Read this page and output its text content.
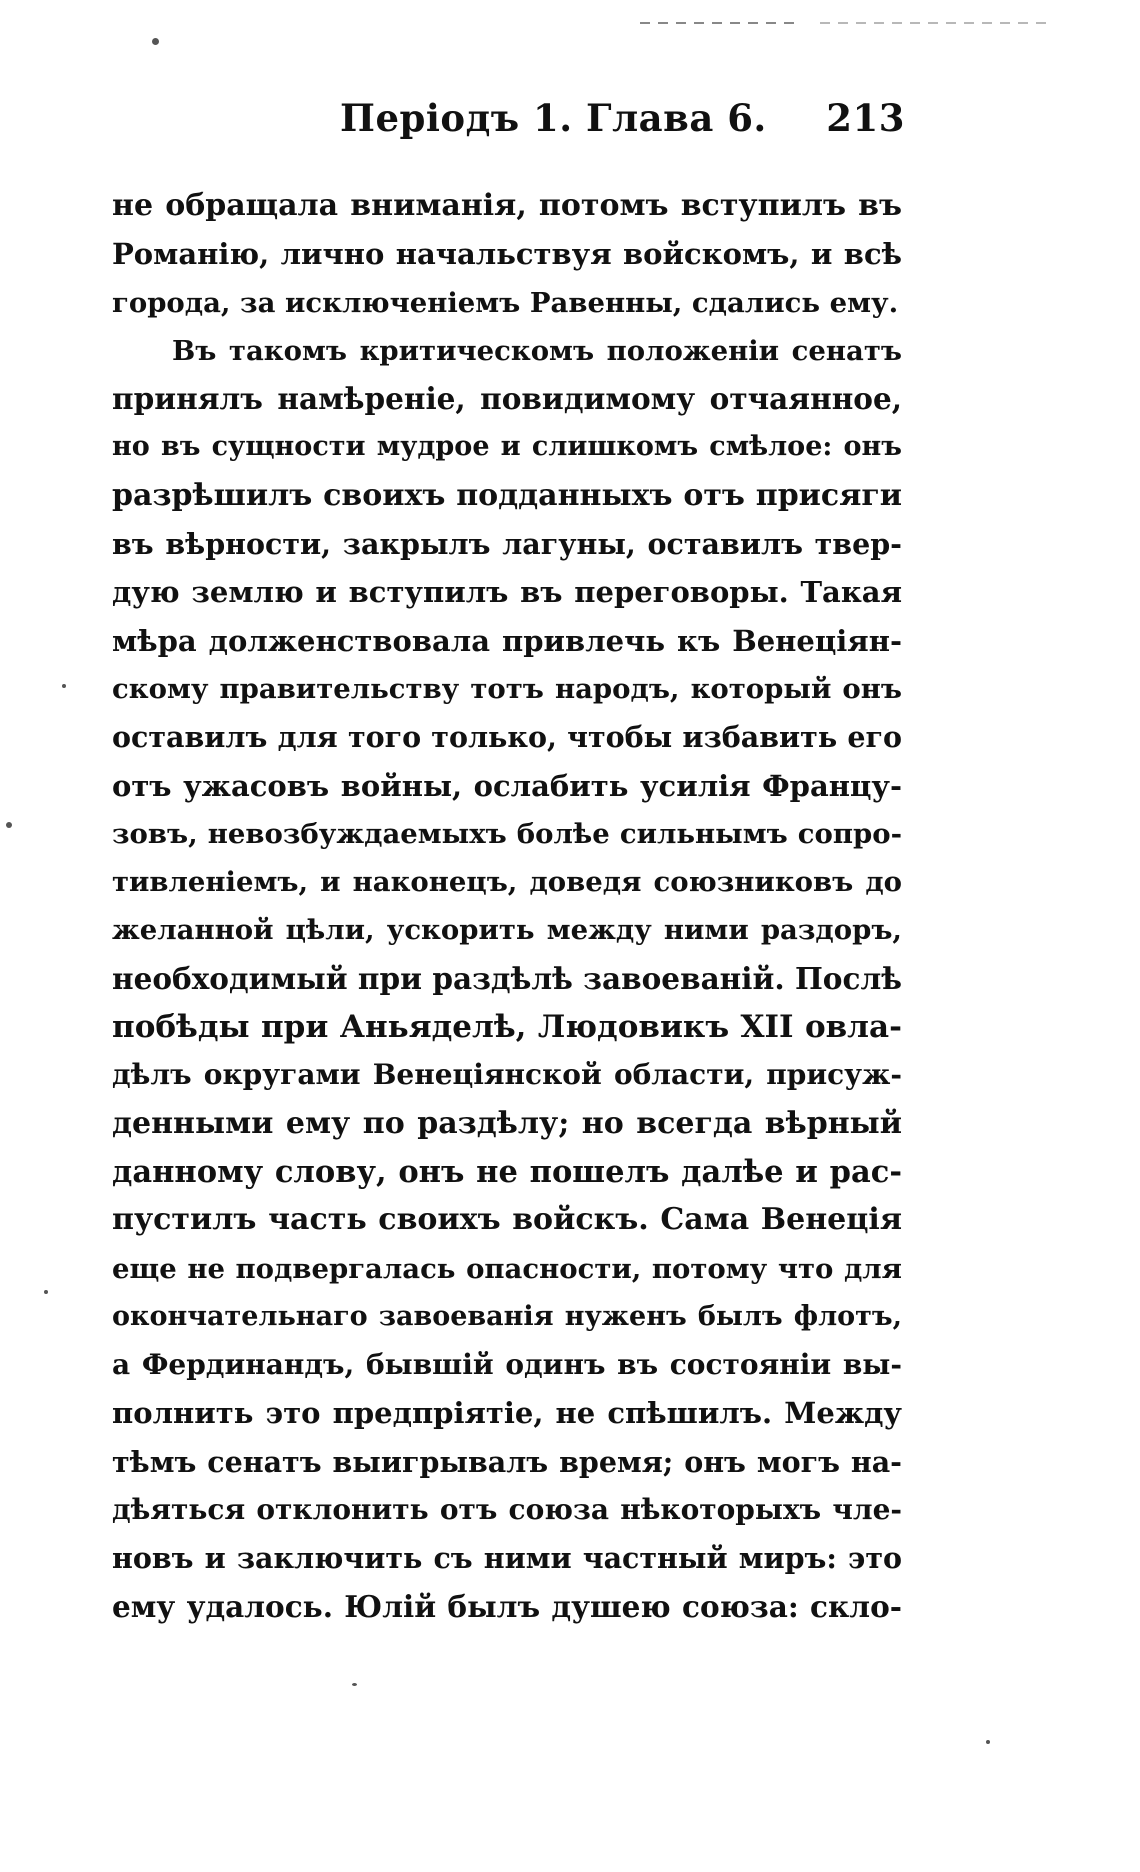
Періодъ 1. Глава 6. 213
не обращала вниманія, потомъ вступилъ въ
Романію, лично начальствуя войскомъ, и всѣ
города, за исключеніемъ Равенны, сдались ему.
Въ такомъ критическомъ положеніи сенатъ
принялъ намѣреніе, повидимому отчаянное,
но въ сущности мудрое и слишкомъ смѣлое: онъ
разрѣшилъ своихъ подданныхъ отъ присяги
въ вѣрности, закрылъ лагуны, оставилъ твер-
дую землю и вступилъ въ переговоры. Такая
мѣра долженствовала привлечь къ Венеціян-
скому правительству тотъ народъ, который онъ
оставилъ для того только, чтобы избавить его
отъ ужасовъ войны, ослабить усилія Францу-
зовъ, невозбуждаемыхъ болѣе сильнымъ сопро-
тивленіемъ, и наконецъ, доведя союзниковъ до
желанной цѣли, ускорить между ними раздоръ,
необходимый при раздѣлѣ завоеваній. Послѣ
побѣды при Аньяделѣ, Людовикъ XII овла-
дѣлъ округами Венеціянской области, присуж-
денными ему по раздѣлу; но всегда вѣрный
данному слову, онъ не пошелъ далѣе и рас-
пустилъ часть своихъ войскъ. Сама Венеція
еще не подвергалась опасности, потому что для
окончательнаго завоеванія нуженъ былъ флотъ,
а Фердинандъ, бывшій одинъ въ состояніи вы-
полнить это предпріятіе, не спѣшилъ. Между
тѣмъ сенатъ выигрывалъ время; онъ могъ на-
дѣяться отклонить отъ союза нѣкоторыхъ чле-
новъ и заключить съ ними частный миръ: это
ему удалось. Юлій былъ душею союза: скло-
